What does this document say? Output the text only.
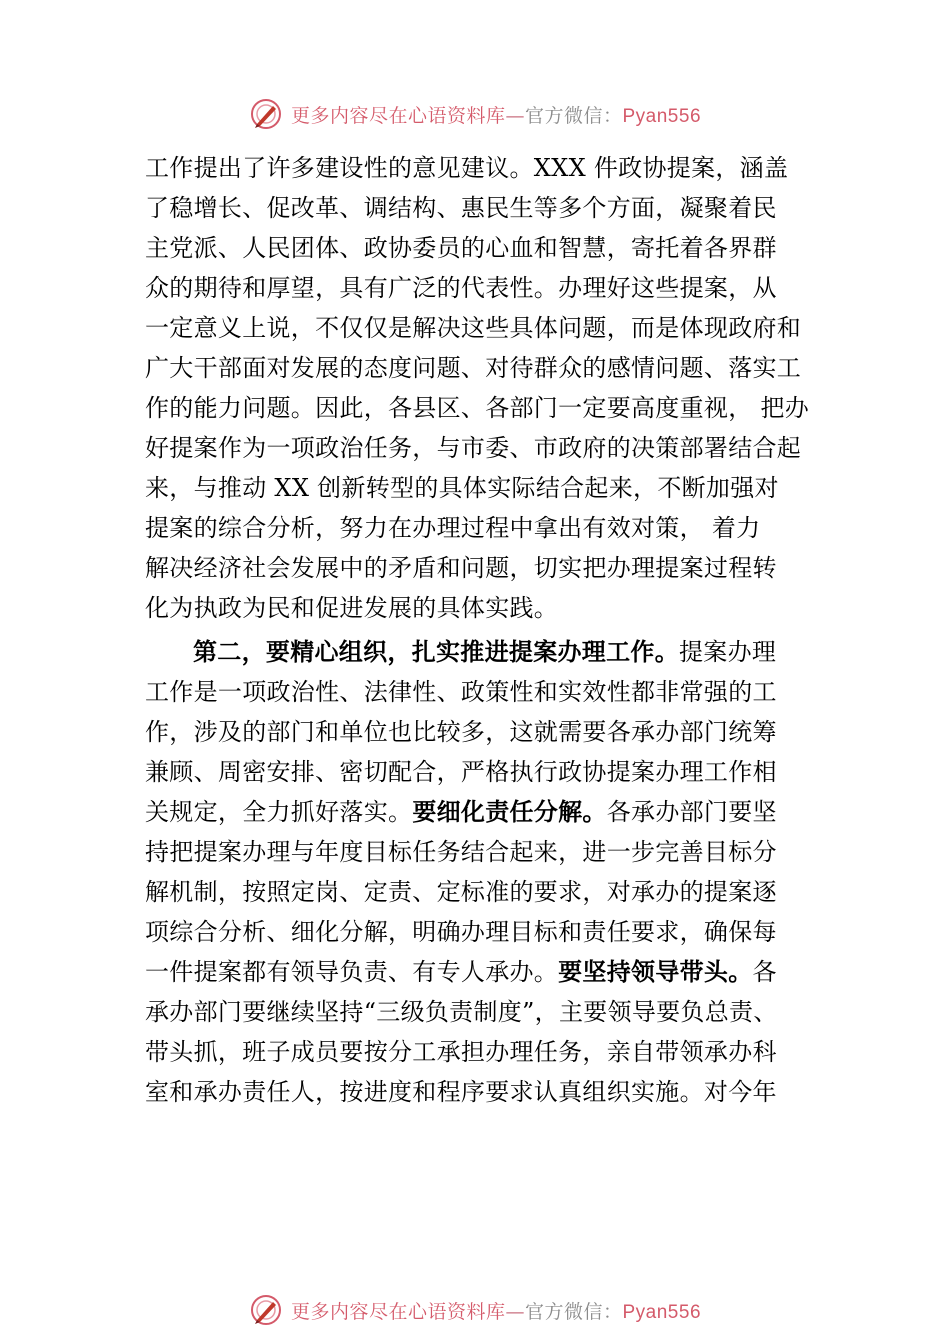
更多内容尽在心语资料库—官方微信：Pyan556
工作提出了许多建设性的意见建议。XXX 件政协提案，涵盖
了稳增长、促改革、调结构、惠民生等多个方面，凝聚着民
主党派、人民团体、政协委员的心血和智慧，寄托着各界群
众的期待和厚望，具有广泛的代表性。办理好这些提案，从
一定意义上说，不仅仅是解决这些具体问题，而是体现政府和
广大干部面对发展的态度问题、对待群众的感情问题、落实工
作的能力问题。因此，各县区、各部门一定要高度重视， 把办
好提案作为一项政治任务，与市委、市政府的决策部署结合起
来，与推动 XX 创新转型的具体实际结合起来，不断加强对
提案的综合分析，努力在办理过程中拿出有效对策， 着力
解决经济社会发展中的矛盾和问题，切实把办理提案过程转
化为执政为民和促进发展的具体实践。
第二，要精心组织，扎实推进提案办理工作。提案办理
工作是一项政治性、法律性、政策性和实效性都非常强的工
作，涉及的部门和单位也比较多，这就需要各承办部门统筹
兼顾、周密安排、密切配合，严格执行政协提案办理工作相
关规定，全力抓好落实。要细化责任分解。各承办部门要坚
持把提案办理与年度目标任务结合起来，进一步完善目标分
解机制，按照定岗、定责、定标准的要求，对承办的提案逐
项综合分析、细化分解，明确办理目标和责任要求，确保每
一件提案都有领导负责、有专人承办。要坚持领导带头。各
承办部门要继续坚持“三级负责制度”，主要领导要负总责、
带头抓，班子成员要按分工承担办理任务，亲自带领承办科
室和承办责任人，按进度和程序要求认真组织实施。对今年
更多内容尽在心语资料库—官方微信：Pyan556
